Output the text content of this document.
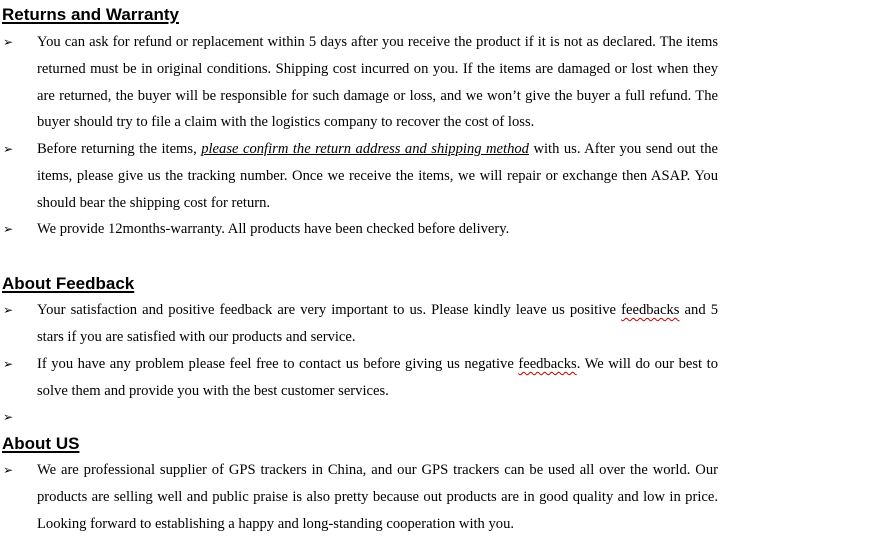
Returns and Warranty
➢ You can ask for refund or replacement within 5 days after you receive the product if it is not as declared. The items returned must be in original conditions. Shipping cost incurred on you. If the items are damaged or lost when they are returned, the buyer will be responsible for such damage or loss, and we won’t give the buyer a full refund. The buyer should try to file a claim with the logistics company to recover the cost of loss.
➢ Before returning the items, please confirm the return address and shipping method with us. After you send out the items, please give us the tracking number. Once we receive the items, we will repair or exchange then ASAP. You should bear the shipping cost for return.
➢ We provide 12months-warranty. All products have been checked before delivery.
About Feedback
➢ Your satisfaction and positive feedback are very important to us. Please kindly leave us positive feedbacks and 5 stars if you are satisfied with our products and service.
➢ If you have any problem please feel free to contact us before giving us negative feedbacks. We will do our best to solve them and provide you with the best customer services.
➢
About US
➢ We are professional supplier of GPS trackers in China, and our GPS trackers can be used all over the world. Our products are selling well and public praise is also pretty because out products are in good quality and low in price. Looking forward to establishing a happy and long-standing cooperation with you.
